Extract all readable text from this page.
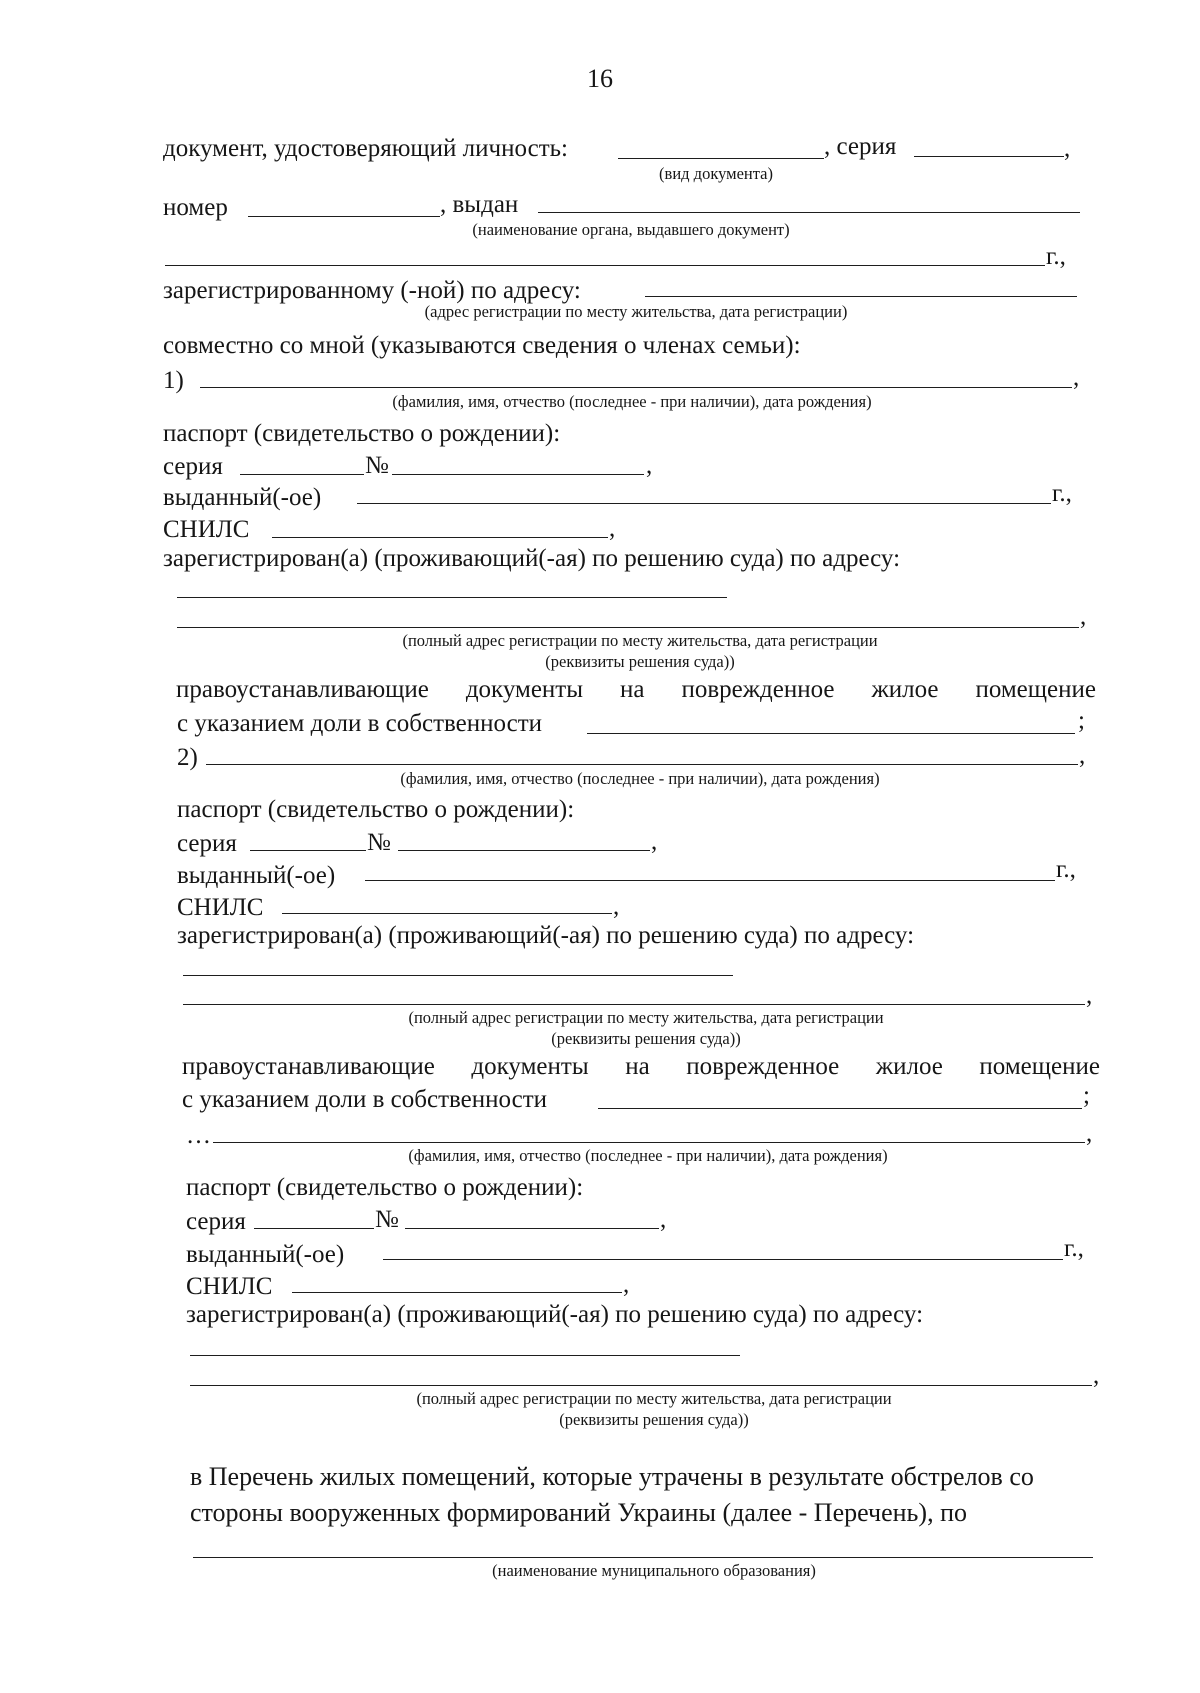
16
документ, удостоверяющий личность:	, серия	,
(вид документа)
номер	, выдан
(наименование органа, выдавшего документ)
г.,
зарегистрированному (-ной) по адресу:
(адрес регистрации по месту жительства, дата регистрации)
совместно со мной (указываются сведения о членах семьи):
1)	,
(фамилия, имя, отчество (последнее - при наличии), дата рождения)
паспорт (свидетельство о рождении):
серия	№	,
выданный(-ое)	г.,
СНИЛС	,
зарегистрирован(а) (проживающий(-ая) по решению суда) по адресу:
,
(полный адрес регистрации по месту жительства, дата регистрации
(реквизиты решения суда))
правоустанавливающие документы на поврежденное жилое помещение
с указанием доли в собственности	;
2)	,
(фамилия, имя, отчество (последнее - при наличии), дата рождения)
паспорт (свидетельство о рождении):
серия	№	,
выданный(-ое)	г.,
СНИЛС	,
зарегистрирован(а) (проживающий(-ая) по решению суда) по адресу:
,
(полный адрес регистрации по месту жительства, дата регистрации
(реквизиты решения суда))
правоустанавливающие документы на поврежденное жилое помещение
с указанием доли в собственности	;
…	,
(фамилия, имя, отчество (последнее - при наличии), дата рождения)
паспорт (свидетельство о рождении):
серия	№	,
выданный(-ое)	г.,
СНИЛС	,
зарегистрирован(а) (проживающий(-ая) по решению суда) по адресу:
,
(полный адрес регистрации по месту жительства, дата регистрации
(реквизиты решения суда))
в Перечень жилых помещений, которые утрачены в результате обстрелов со
стороны вооруженных формирований Украины (далее - Перечень), по
(наименование муниципального образования)
